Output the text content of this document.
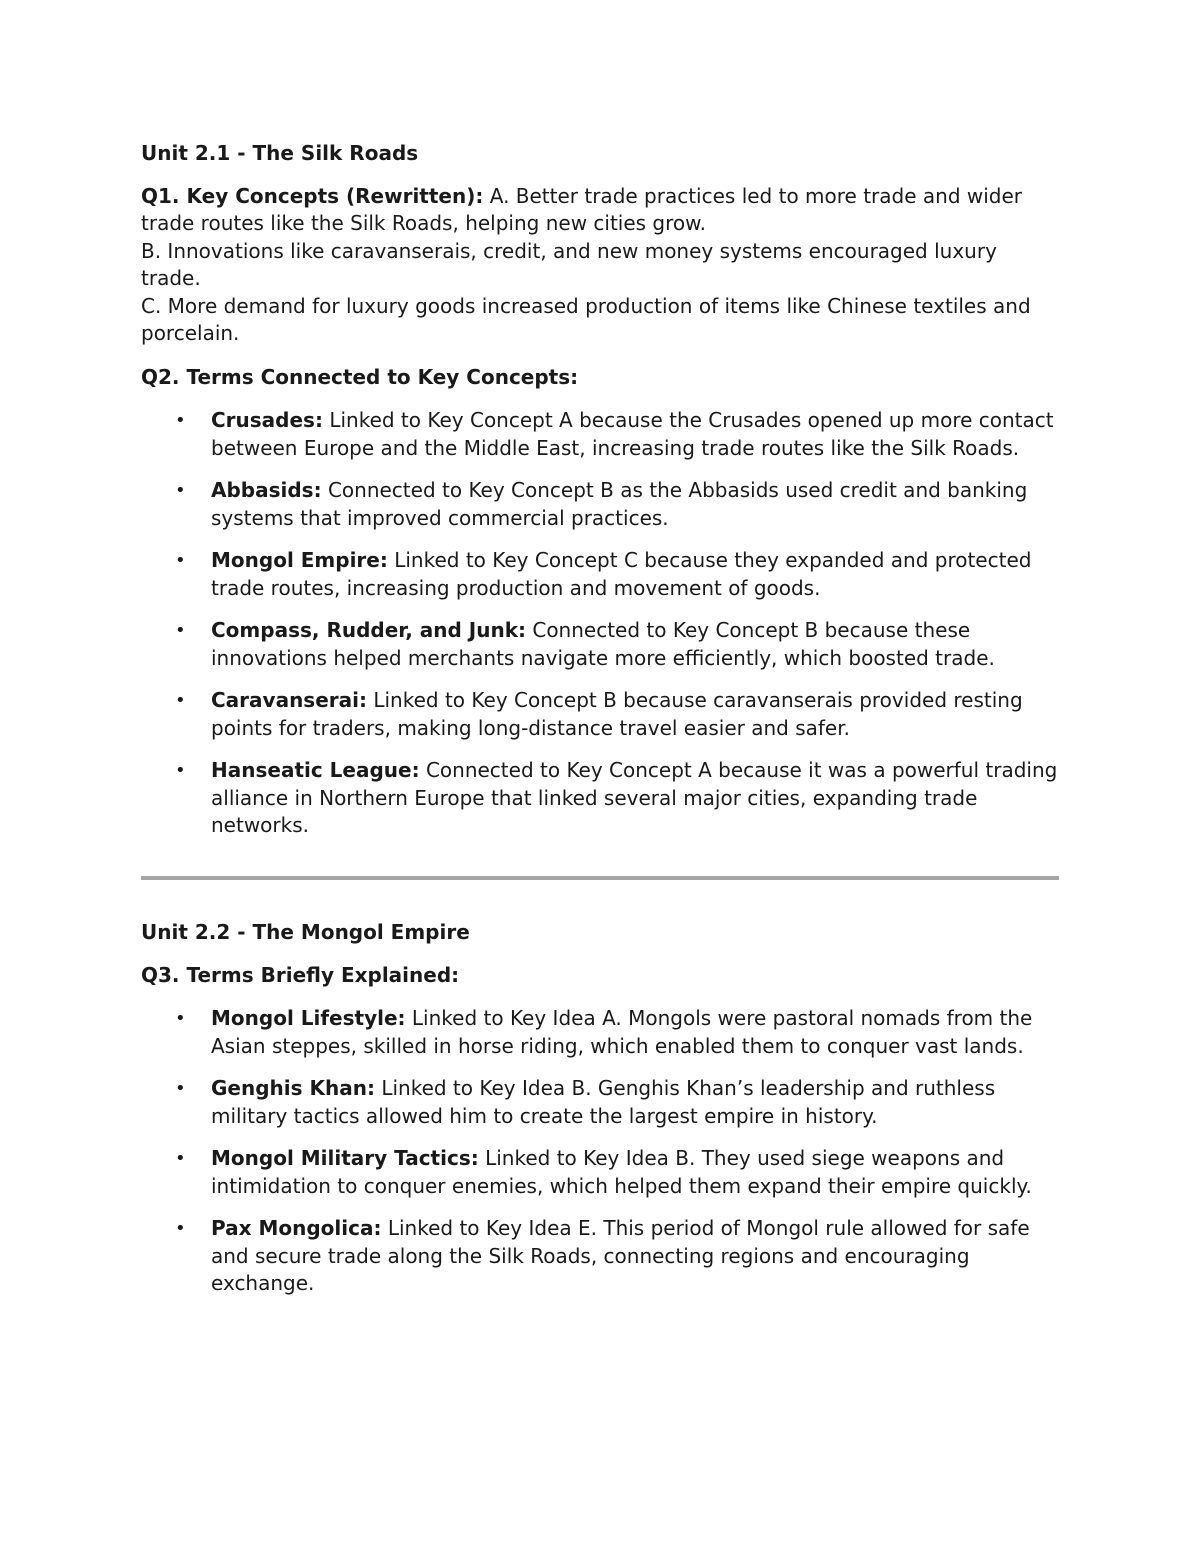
Unit 2.1 - The Silk Roads

Q1. Key Concepts (Rewritten): A. Better trade practices led to more trade and wider trade routes like the Silk Roads, helping new cities grow.
B. Innovations like caravanserais, credit, and new money systems encouraged luxury trade.
C. More demand for luxury goods increased production of items like Chinese textiles and porcelain.

Q2. Terms Connected to Key Concepts:

• Crusades: Linked to Key Concept A because the Crusades opened up more contact between Europe and the Middle East, increasing trade routes like the Silk Roads.
• Abbasids: Connected to Key Concept B as the Abbasids used credit and banking systems that improved commercial practices.
• Mongol Empire: Linked to Key Concept C because they expanded and protected trade routes, increasing production and movement of goods.
• Compass, Rudder, and Junk: Connected to Key Concept B because these innovations helped merchants navigate more efficiently, which boosted trade.
• Caravanserai: Linked to Key Concept B because caravanserais provided resting points for traders, making long-distance travel easier and safer.
• Hanseatic League: Connected to Key Concept A because it was a powerful trading alliance in Northern Europe that linked several major cities, expanding trade networks.
Unit 2.2 - The Mongol Empire

Q3. Terms Briefly Explained:

• Mongol Lifestyle: Linked to Key Idea A. Mongols were pastoral nomads from the Asian steppes, skilled in horse riding, which enabled them to conquer vast lands.
• Genghis Khan: Linked to Key Idea B. Genghis Khan’s leadership and ruthless military tactics allowed him to create the largest empire in history.
• Mongol Military Tactics: Linked to Key Idea B. They used siege weapons and intimidation to conquer enemies, which helped them expand their empire quickly.
• Pax Mongolica: Linked to Key Idea E. This period of Mongol rule allowed for safe and secure trade along the Silk Roads, connecting regions and encouraging exchange.
